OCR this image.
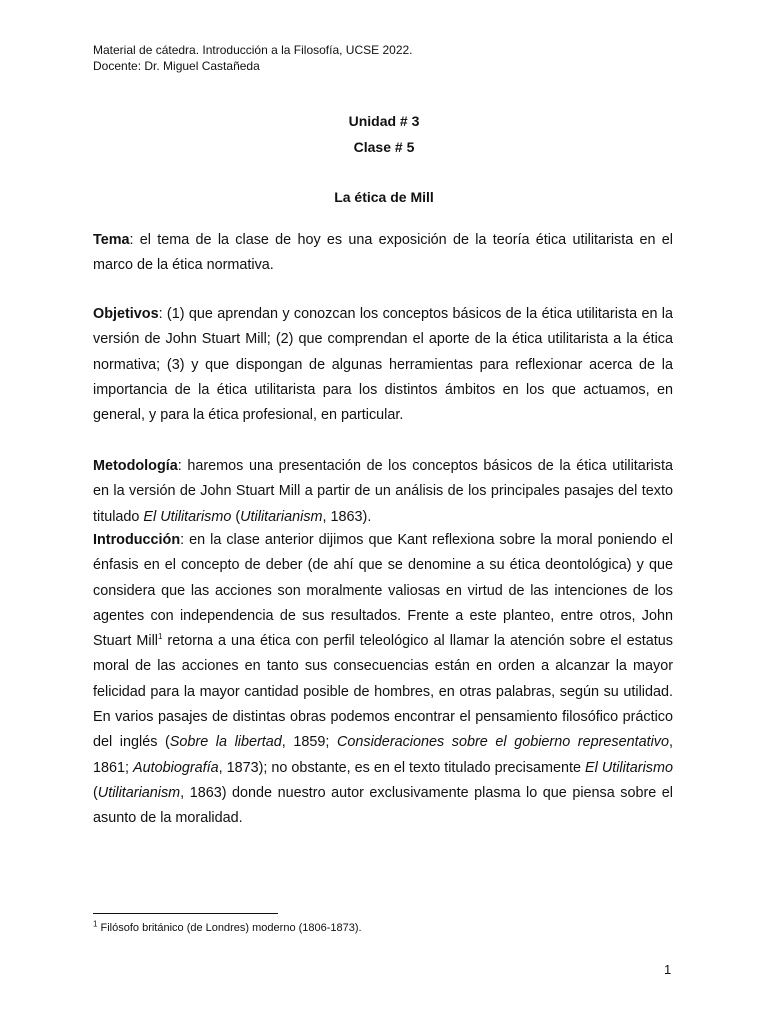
Material de cátedra. Introducción a la Filosofía, UCSE 2022.
Docente: Dr. Miguel Castañeda
Unidad # 3
Clase # 5
La ética de Mill

Tema: el tema de la clase de hoy es una exposición de la teoría ética utilitarista en el marco de la ética normativa.

Objetivos: (1) que aprendan y conozcan los conceptos básicos de la ética utilitarista en la versión de John Stuart Mill; (2) que comprendan el aporte de la ética utilitarista a la ética normativa; (3) y que dispongan de algunas herramientas para reflexionar acerca de la importancia de la ética utilitarista para los distintos ámbitos en los que actuamos, en general, y para la ética profesional, en particular.

Metodología: haremos una presentación de los conceptos básicos de la ética utilitarista en la versión de John Stuart Mill a partir de un análisis de los principales pasajes del texto titulado El Utilitarismo (Utilitarianism, 1863).

Introducción: en la clase anterior dijimos que Kant reflexiona sobre la moral poniendo el énfasis en el concepto de deber (de ahí que se denomine a su ética deontológica) y que considera que las acciones son moralmente valiosas en virtud de las intenciones de los agentes con independencia de sus resultados. Frente a este planteo, entre otros, John Stuart Mill$^1$ retorna a una ética con perfil teleológico al llamar la atención sobre el estatus moral de las acciones en tanto sus consecuencias están en orden a alcanzar la mayor felicidad para la mayor cantidad posible de hombres, en otras palabras, según su utilidad. En varios pasajes de distintas obras podemos encontrar el pensamiento filosófico práctico del inglés (Sobre la libertad, 1859; Consideraciones sobre el gobierno representativo, 1861; Autobiografía, 1873); no obstante, es en el texto titulado precisamente El Utilitarismo (Utilitarianism, 1863) donde nuestro autor exclusivamente plasma lo que piensa sobre el asunto de la moralidad.

$^1$ Filósofo británico (de Londres) moderno (1806-1873).
1
